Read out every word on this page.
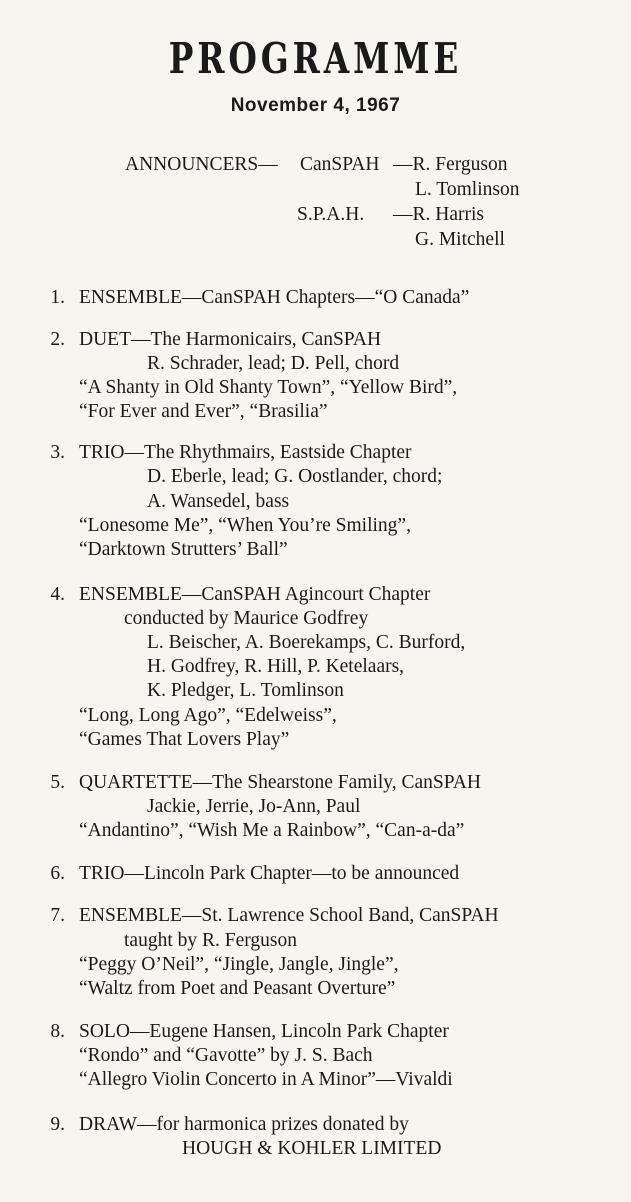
PROGRAMME
November 4, 1967
ANNOUNCERS— CanSPAH —R. Ferguson
L. Tomlinson
S.P.A.H. —R. Harris
G. Mitchell
1. ENSEMBLE—CanSPAH Chapters—“O Canada”
2. DUET—The Harmonicairs, CanSPAH
R. Schrader, lead; D. Pell, chord
“A Shanty in Old Shanty Town”, “Yellow Bird”,
“For Ever and Ever”, “Brasilia”
3. TRIO—The Rhythmairs, Eastside Chapter
D. Eberle, lead; G. Oostlander, chord;
A. Wansedel, bass
“Lonesome Me”, “When You’re Smiling”,
“Darktown Strutters’ Ball”
4. ENSEMBLE—CanSPAH Agincourt Chapter
conducted by Maurice Godfrey
L. Beischer, A. Boerekamps, C. Burford,
H. Godfrey, R. Hill, P. Ketelaars,
K. Pledger, L. Tomlinson
“Long, Long Ago”, “Edelweiss”,
“Games That Lovers Play”
5. QUARTETTE—The Shearstone Family, CanSPAH
Jackie, Jerrie, Jo-Ann, Paul
“Andantino”, “Wish Me a Rainbow”, “Can-a-da”
6. TRIO—Lincoln Park Chapter—to be announced
7. ENSEMBLE—St. Lawrence School Band, CanSPAH
taught by R. Ferguson
“Peggy O’Neil”, “Jingle, Jangle, Jingle”,
“Waltz from Poet and Peasant Overture”
8. SOLO—Eugene Hansen, Lincoln Park Chapter
“Rondo” and “Gavotte” by J. S. Bach
“Allegro Violin Concerto in A Minor”—Vivaldi
9. DRAW—for harmonica prizes donated by
HOUGH & KOHLER LIMITED
